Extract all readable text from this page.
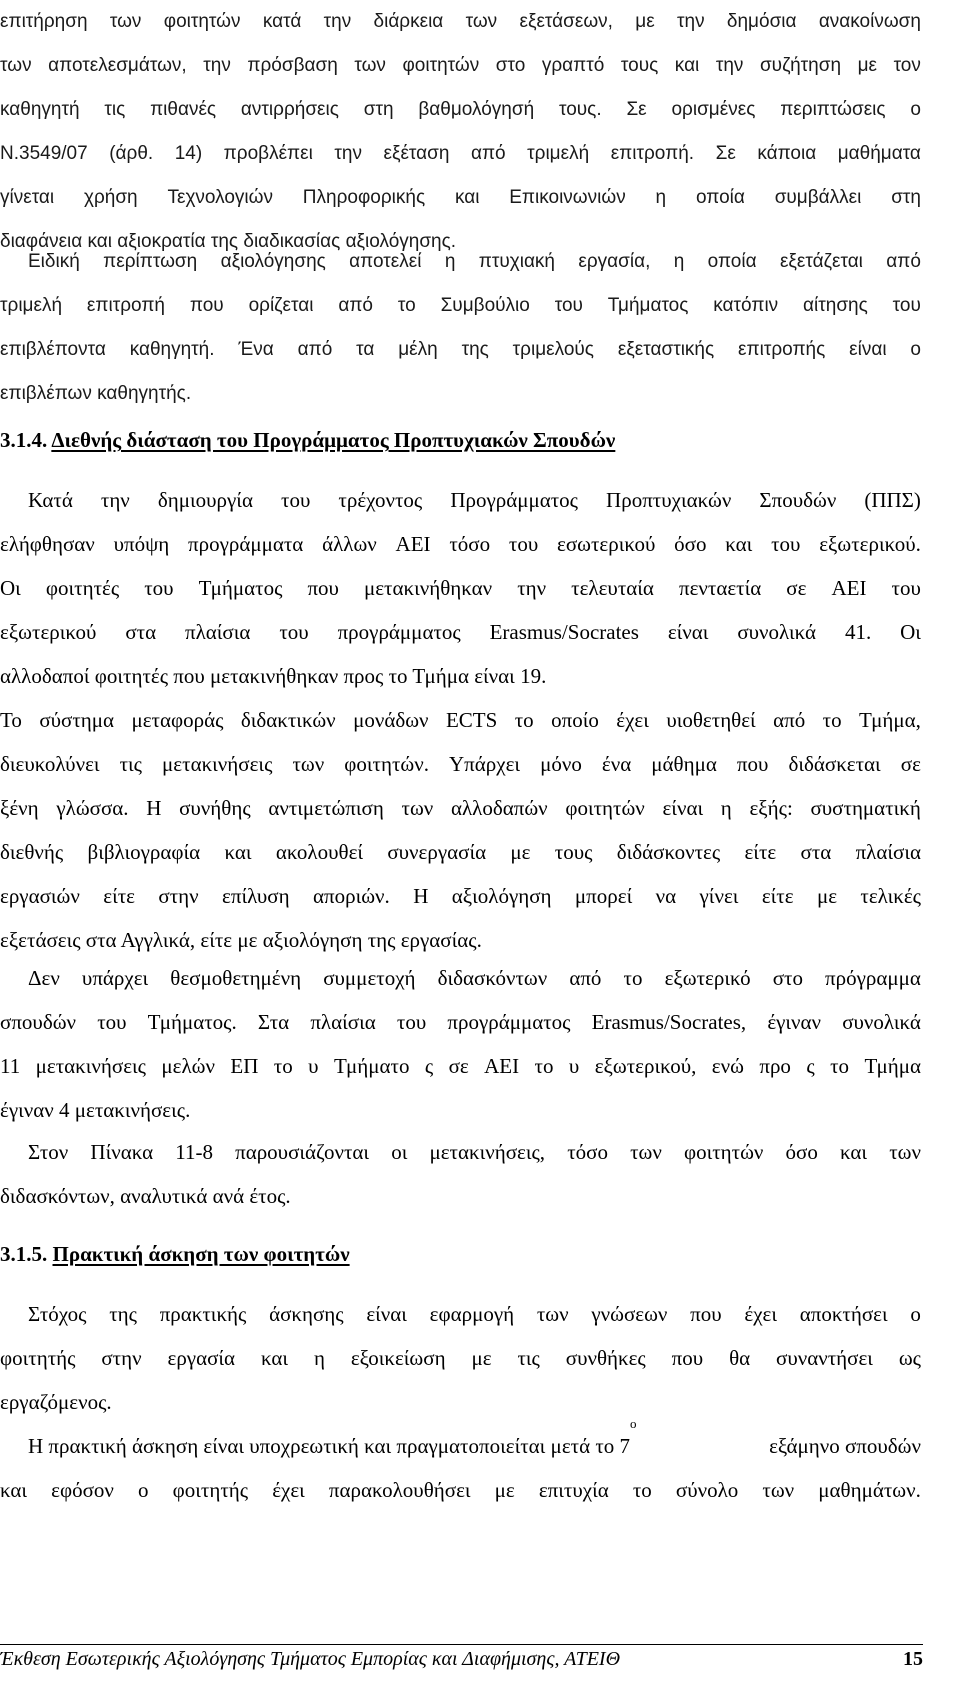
επιτήρηση των φοιτητών κατά την διάρκεια των εξετάσεων, με την δημόσια ανακοίνωση
των αποτελεσμάτων, την πρόσβαση των φοιτητών στο γραπτό τους και την συζήτηση με τον
καθηγητή τις πιθανές αντιρρήσεις στη βαθμολόγησή τους. Σε ορισμένες περιπτώσεις ο
Ν.3549/07 (άρθ. 14) προβλέπει την εξέταση από τριμελή επιτροπή. Σε κάποια μαθήματα
γίνεται χρήση Τεχνολογιών Πληροφορικής και Επικοινωνιών η οποία συμβάλλει στη
διαφάνεια και αξιοκρατία της διαδικασίας αξιολόγησης.
Ειδική περίπτωση αξιολόγησης αποτελεί η πτυχιακή εργασία, η οποία εξετάζεται από
τριμελή επιτροπή που ορίζεται από το Συμβούλιο του Τμήματος κατόπιν αίτησης του
επιβλέποντα καθηγητή. Ένα από τα μέλη της τριμελούς εξεταστικής επιτροπής είναι ο
επιβλέπων καθηγητής.
3.1.4. Διεθνής διάσταση του Προγράμματος Προπτυχιακών Σπουδών
Κατά την δημιουργία του τρέχοντος Προγράμματος Προπτυχιακών Σπουδών (ΠΠΣ)
ελήφθησαν υπόψη προγράμματα άλλων ΑΕΙ τόσο του εσωτερικού όσο και του εξωτερικού.
Οι φοιτητές του Τμήματος που μετακινήθηκαν την τελευταία πενταετία σε ΑΕΙ του
εξωτερικού στα πλαίσια του προγράμματος Erasmus/Socrates είναι συνολικά 41. Οι
αλλοδαποί φοιτητές που μετακινήθηκαν προς το Τμήμα είναι 19.
Το σύστημα μεταφοράς διδακτικών μονάδων ECTS το οποίο έχει υιοθετηθεί από το Τμήμα,
διευκολύνει τις μετακινήσεις των φοιτητών. Υπάρχει μόνο ένα μάθημα που διδάσκεται σε
ξένη γλώσσα. Η συνήθης αντιμετώπιση των αλλοδαπών φοιτητών είναι η εξής: συστηματική
διεθνής βιβλιογραφία και ακολουθεί συνεργασία με τους διδάσκοντες είτε στα πλαίσια
εργασιών είτε στην επίλυση αποριών. Η αξιολόγηση μπορεί να γίνει είτε με τελικές
εξετάσεις στα Αγγλικά, είτε με αξιολόγηση της εργασίας.
Δεν υπάρχει θεσμοθετημένη συμμετοχή διδασκόντων από το εξωτερικό στο πρόγραμμα
σπουδών του Τμήματος. Στα πλαίσια του προγράμματος Erasmus/Socrates, έγιναν συνολικά
11 μετακινήσεις μελών ΕΠ το υ Τμήματο ς σε ΑΕΙ το υ εξωτερικού, ενώ προ ς το Τμήμα
έγιναν 4 μετακινήσεις.
Στον Πίνακα 11-8 παρουσιάζονται οι μετακινήσεις, τόσο των φοιτητών όσο και των
διδασκόντων, αναλυτικά ανά έτος.
3.1.5. Πρακτική άσκηση των φοιτητών
Στόχος της πρακτικής άσκησης είναι εφαρμογή των γνώσεων που έχει αποκτήσει ο
φοιτητής στην εργασία και η εξοικείωση με τις συνθήκες που θα συναντήσει ως
εργαζόμενος.
Η πρακτική άσκηση είναι υποχρεωτική και πραγματοποιείται μετά το 7
ο
εξάμηνο σπουδών
και εφόσον ο φοιτητής έχει παρακολουθήσει με επιτυχία το σύνολο των μαθημάτων.
Έκθεση Εσωτερικής Αξιολόγησης Τμήματος Εμπορίας και Διαφήμισης, ΑΤΕΙΘ	15
